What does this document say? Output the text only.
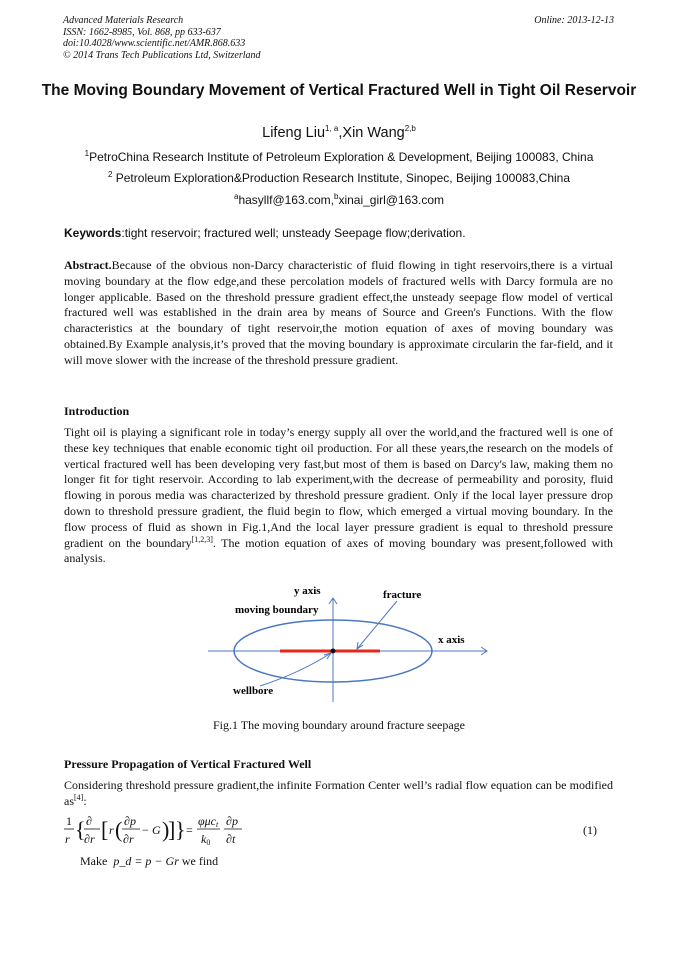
Advanced Materials Research
ISSN: 1662-8985, Vol. 868, pp 633-637
doi:10.4028/www.scientific.net/AMR.868.633
© 2014 Trans Tech Publications Ltd, Switzerland
Online: 2013-12-13
The Moving Boundary Movement of Vertical Fractured Well in Tight Oil Reservoir
Lifeng Liu$^{1, a}$,Xin Wang$^{2,b}$
$^1$PetroChina Research Institute of Petroleum Exploration & Development, Beijing 100083, China
$^2$ Petroleum Exploration&Production Research Institute, Sinopec, Beijing 100083,China
$^a$hasyllf@163.com,$^b$xinai_girl@163.com
Keywords:tight reservoir; fractured well; unsteady Seepage flow;derivation.
Abstract.Because of the obvious non-Darcy characteristic of fluid flowing in tight reservoirs,there is a virtual moving boundary at the flow edge,and these percolation models of fractured wells with Darcy formula are no longer applicable. Based on the threshold pressure gradient effect,the unsteady seepage flow model of vertical fractured well was established in the drain area by means of Source and Green's Functions. With the flow characteristics at the boundary of tight reservoir,the motion equation of axes of moving boundary was obtained.By Example analysis,it’s proved that the moving boundary is approximate circularin the far-field, and it will move slower with the increase of the threshold pressure gradient.
Introduction
Tight oil is playing a significant role in today’s energy supply all over the world,and the fractured well is one of these key techniques that enable economic tight oil production. For all these years,the research on the models of vertical fractured well has been developing very fast,but most of them is based on Darcy's law, making them no longer fit for tight reservoir. According to lab experiment,with the decrease of permeability and porosity, fluid flowing in porous media was characterized by threshold pressure gradient. Only if the local layer pressure drop down to threshold pressure gradient, the fluid begin to flow, which emerged a virtual moving boundary. In the flow process of fluid as shown in Fig.1,And the local layer pressure gradient is equal to threshold pressure gradient on the boundary[1,2,3]. The motion equation of axes of moving boundary was present,followed with analysis.
y axis
moving boundary
fracture
x axis
wellbore
Fig.1 The moving boundary around fracture seepage
Pressure Propagation of Vertical Fractured Well
Considering threshold pressure gradient,the infinite Formation Center well’s radial flow equation can be modified as[4]:
1
r { ∂
∂r [ r ( ∂p
∂r
− G )
] } =
φμct
k0
∂p
∂t
(1)
Make p_d = p − Gr we find
